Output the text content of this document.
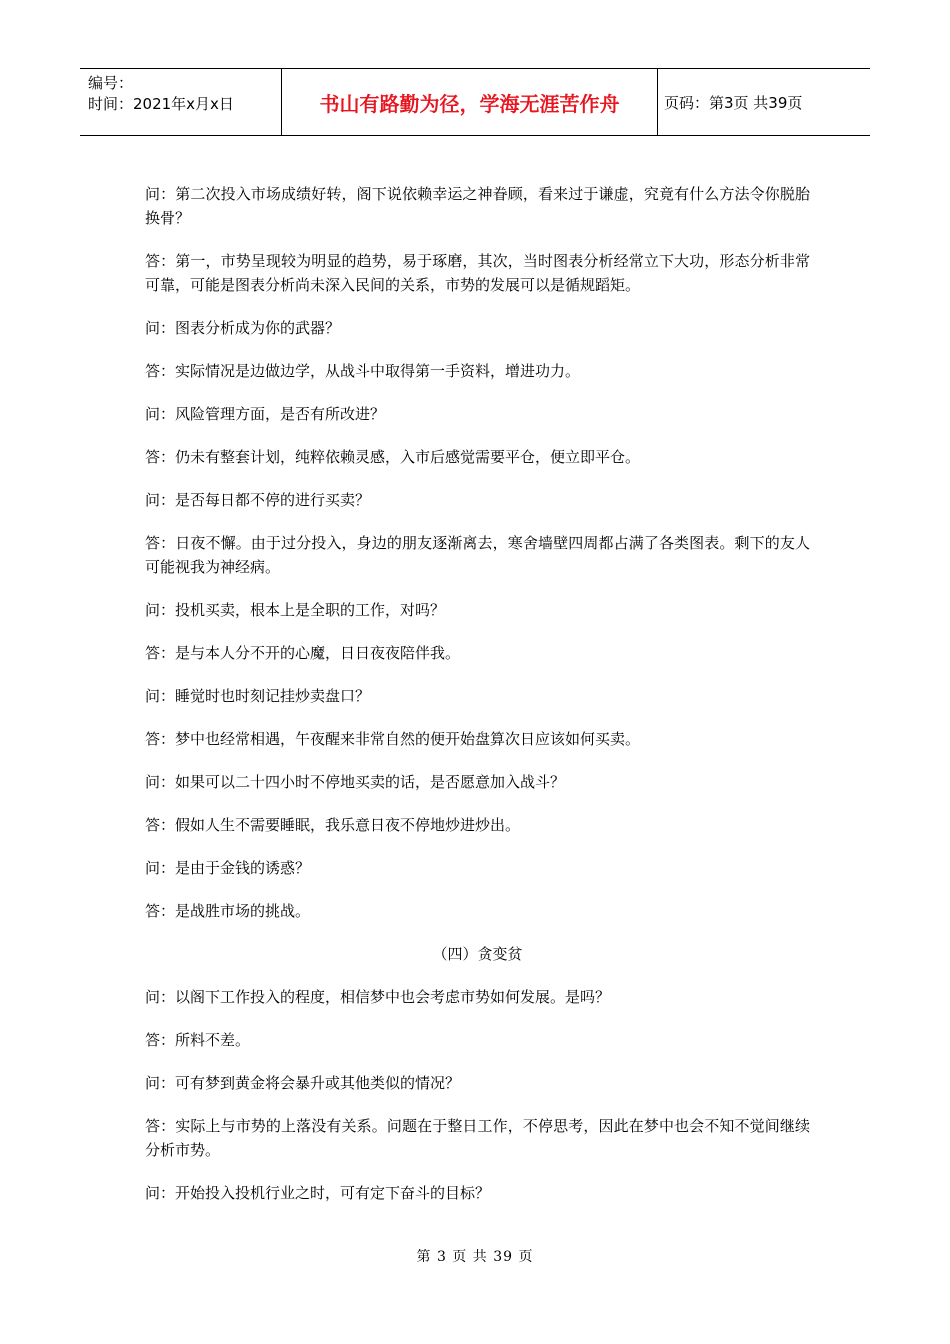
编号：
时间：2021年x月x日	书山有路勤为径，学海无涯苦作舟	页码：第3页 共39页

问：第二次投入市场成绩好转，阁下说依赖幸运之神眷顾，看来过于谦虚，究竟有什么方法令你脱胎换骨？

答：第一，市势呈现较为明显的趋势，易于琢磨，其次，当时图表分析经常立下大功，形态分析非常可靠，可能是图表分析尚未深入民间的关系，市势的发展可以是循规蹈矩。

问：图表分析成为你的武器？

答：实际情况是边做边学，从战斗中取得第一手资料，增进功力。

问：风险管理方面，是否有所改进？

答：仍未有整套计划，纯粹依赖灵感，入市后感觉需要平仓，便立即平仓。

问：是否每日都不停的进行买卖？

答：日夜不懈。由于过分投入，身边的朋友逐渐离去，寒舍墙壁四周都占满了各类图表。剩下的友人可能视我为神经病。

问：投机买卖，根本上是全职的工作，对吗？

答：是与本人分不开的心魔，日日夜夜陪伴我。

问：睡觉时也时刻记挂炒卖盘口？

答：梦中也经常相遇，午夜醒来非常自然的便开始盘算次日应该如何买卖。

问：如果可以二十四小时不停地买卖的话，是否愿意加入战斗？

答：假如人生不需要睡眠，我乐意日夜不停地炒进炒出。

问：是由于金钱的诱惑？

答：是战胜市场的挑战。

（四）贪变贫

问：以阁下工作投入的程度，相信梦中也会考虑市势如何发展。是吗？

答：所料不差。

问：可有梦到黄金将会暴升或其他类似的情况？

答：实际上与市势的上落没有关系。问题在于整日工作，不停思考，因此在梦中也会不知不觉间继续分析市势。

问：开始投入投机行业之时，可有定下奋斗的目标？

第 3 页 共 39 页
